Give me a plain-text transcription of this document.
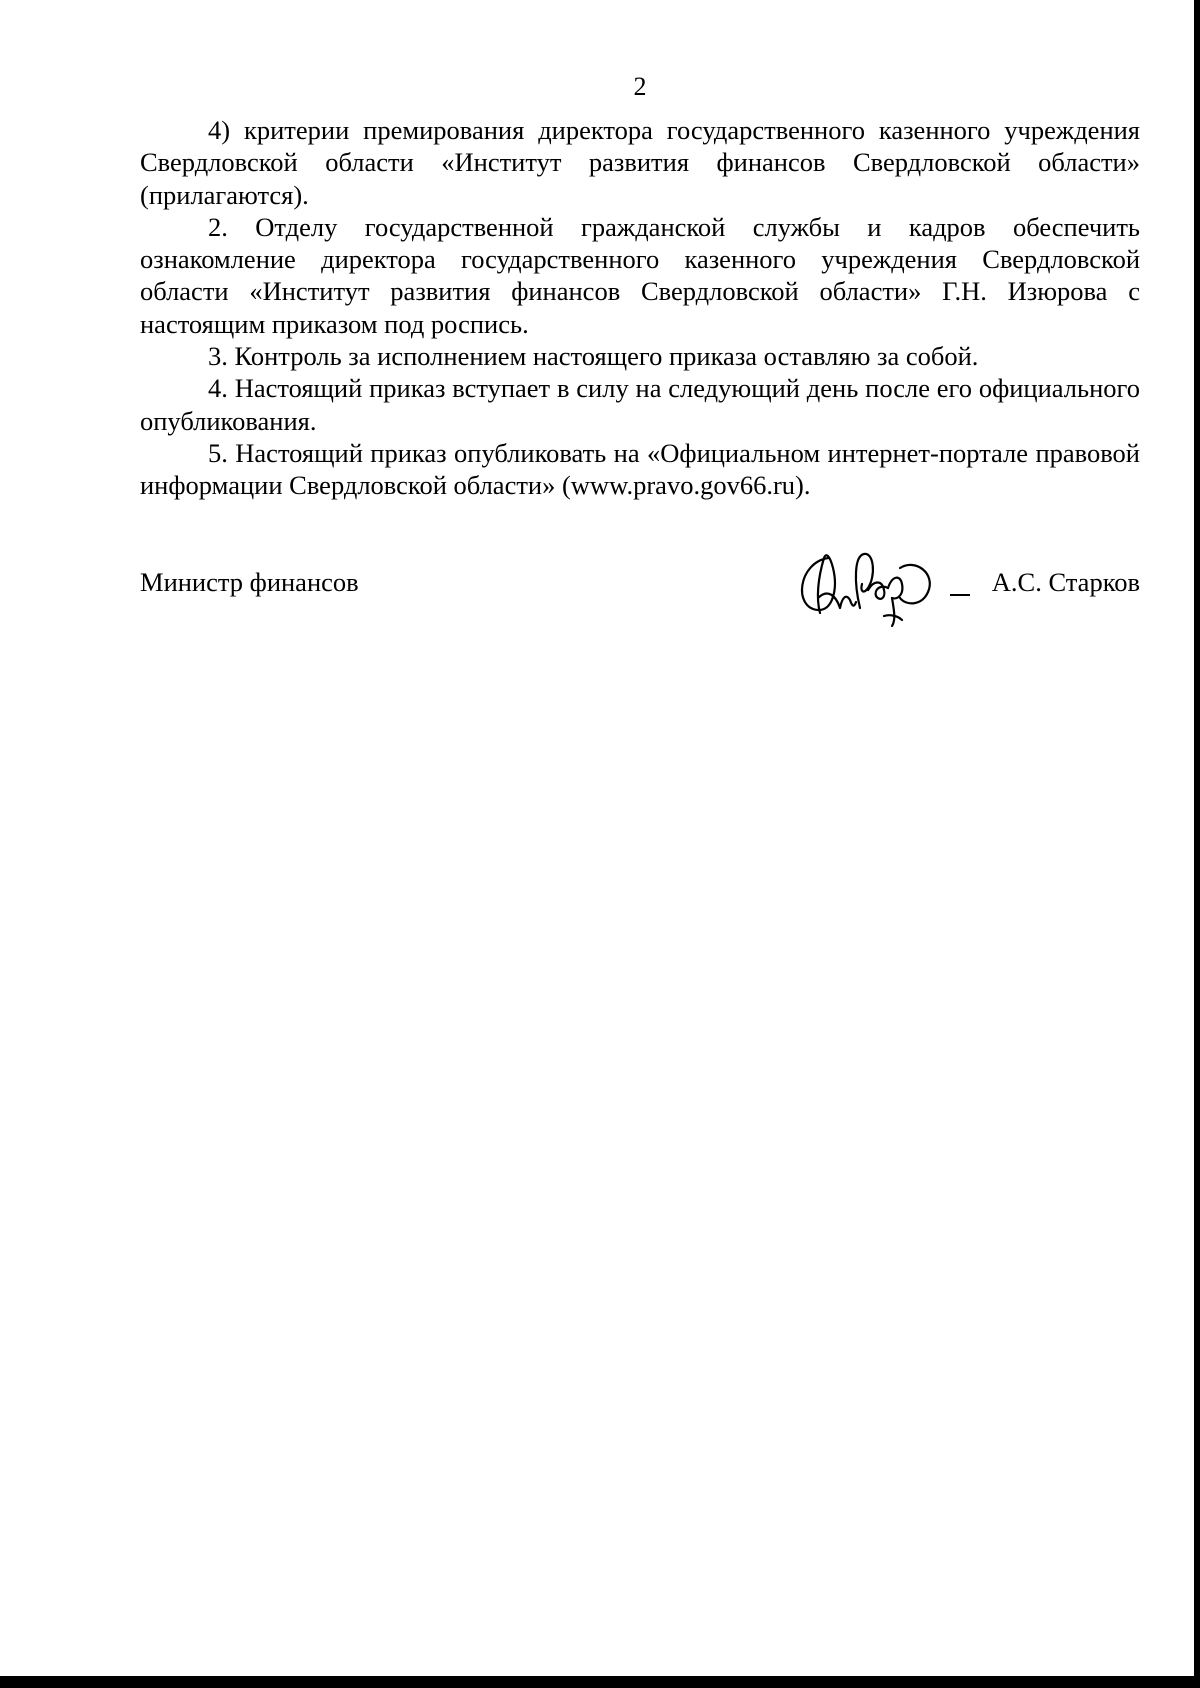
2

4) критерии премирования директора государственного казенного учреждения Свердловской области «Институт развития финансов Свердловской области» (прилагаются).

2. Отделу государственной гражданской службы и кадров обеспечить ознакомление директора государственного казенного учреждения Свердловской области «Институт развития финансов Свердловской области» Г.Н. Изюрова с настоящим приказом под роспись.

3. Контроль за исполнением настоящего приказа оставляю за собой.

4. Настоящий приказ вступает в силу на следующий день после его официального опубликования.

5. Настоящий приказ опубликовать на «Официальном интернет-портале правовой информации Свердловской области» (www.pravo.gov66.ru).

Министр финансов	А.С. Старков
